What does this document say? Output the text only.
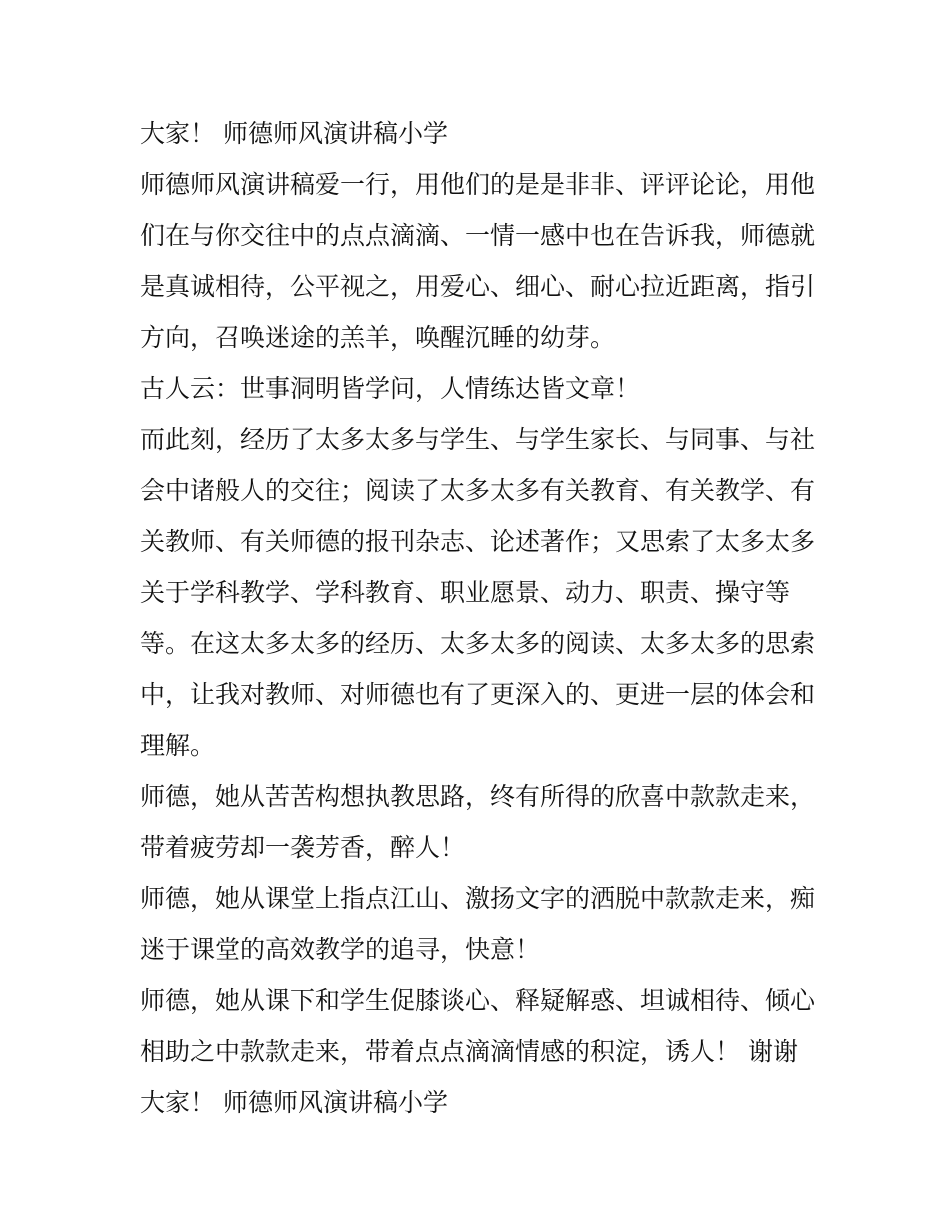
大家！ 师德师风演讲稿小学

师德师风演讲稿爱一行，用他们的是是非非、评评论论，用他
们在与你交往中的点点滴滴、一情一感中也在告诉我，师德就
是真诚相待，公平视之，用爱心、细心、耐心拉近距离，指引
方向，召唤迷途的羔羊，唤醒沉睡的幼芽。

古人云：世事洞明皆学问，人情练达皆文章！

而此刻，经历了太多太多与学生、与学生家长、与同事、与社
会中诸般人的交往；阅读了太多太多有关教育、有关教学、有
关教师、有关师德的报刊杂志、论述著作；又思索了太多太多
关于学科教学、学科教育、职业愿景、动力、职责、操守等
等。在这太多太多的经历、太多太多的阅读、太多太多的思索
中，让我对教师、对师德也有了更深入的、更进一层的体会和
理解。

师德，她从苦苦构想执教思路，终有所得的欣喜中款款走来，
带着疲劳却一袭芳香，醉人！

师德，她从课堂上指点江山、激扬文字的洒脱中款款走来，痴
迷于课堂的高效教学的追寻，快意！

师德，她从课下和学生促膝谈心、释疑解惑、坦诚相待、倾心
相助之中款款走来，带着点点滴滴情感的积淀，诱人！ 谢谢
大家！ 师德师风演讲稿小学
